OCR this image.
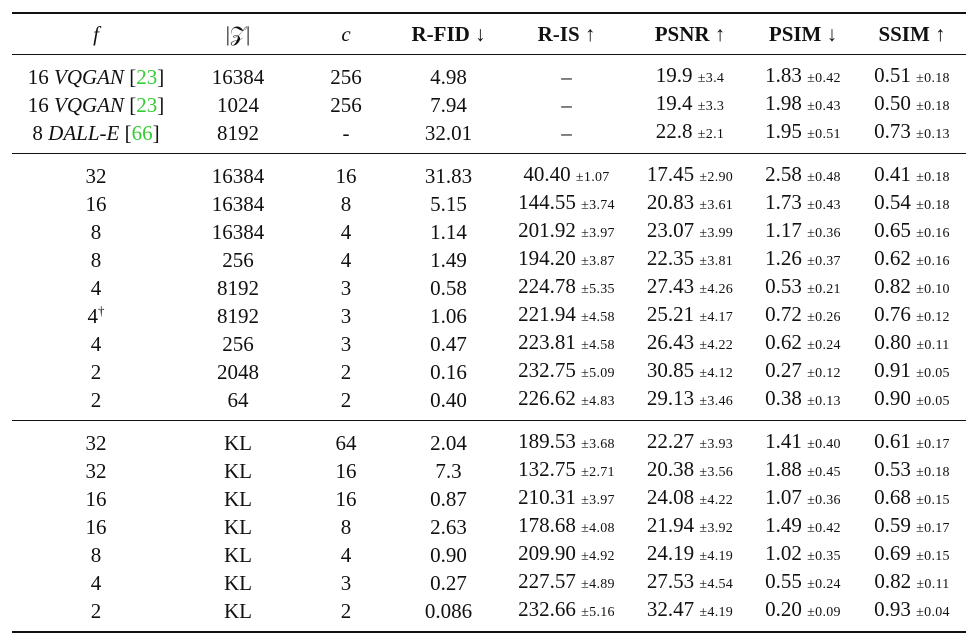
f	|𝒵|	c	R-FID ↓	R-IS ↑	PSNR ↑	PSIM ↓	SSIM ↑
16 VQGAN [23]	16384	256	4.98	–	19.9 ±3.4	1.83 ±0.42	0.51 ±0.18
16 VQGAN [23]	1024	256	7.94	–	19.4 ±3.3	1.98 ±0.43	0.50 ±0.18
8 DALL-E [66]	8192	-	32.01	–	22.8 ±2.1	1.95 ±0.51	0.73 ±0.13
32	16384	16	31.83	40.40 ±1.07	17.45 ±2.90	2.58 ±0.48	0.41 ±0.18
16	16384	8	5.15	144.55 ±3.74	20.83 ±3.61	1.73 ±0.43	0.54 ±0.18
8	16384	4	1.14	201.92 ±3.97	23.07 ±3.99	1.17 ±0.36	0.65 ±0.16
8	256	4	1.49	194.20 ±3.87	22.35 ±3.81	1.26 ±0.37	0.62 ±0.16
4	8192	3	0.58	224.78 ±5.35	27.43 ±4.26	0.53 ±0.21	0.82 ±0.10
4†	8192	3	1.06	221.94 ±4.58	25.21 ±4.17	0.72 ±0.26	0.76 ±0.12
4	256	3	0.47	223.81 ±4.58	26.43 ±4.22	0.62 ±0.24	0.80 ±0.11
2	2048	2	0.16	232.75 ±5.09	30.85 ±4.12	0.27 ±0.12	0.91 ±0.05
2	64	2	0.40	226.62 ±4.83	29.13 ±3.46	0.38 ±0.13	0.90 ±0.05
32	KL	64	2.04	189.53 ±3.68	22.27 ±3.93	1.41 ±0.40	0.61 ±0.17
32	KL	16	7.3	132.75 ±2.71	20.38 ±3.56	1.88 ±0.45	0.53 ±0.18
16	KL	16	0.87	210.31 ±3.97	24.08 ±4.22	1.07 ±0.36	0.68 ±0.15
16	KL	8	2.63	178.68 ±4.08	21.94 ±3.92	1.49 ±0.42	0.59 ±0.17
8	KL	4	0.90	209.90 ±4.92	24.19 ±4.19	1.02 ±0.35	0.69 ±0.15
4	KL	3	0.27	227.57 ±4.89	27.53 ±4.54	0.55 ±0.24	0.82 ±0.11
2	KL	2	0.086	232.66 ±5.16	32.47 ±4.19	0.20 ±0.09	0.93 ±0.04
